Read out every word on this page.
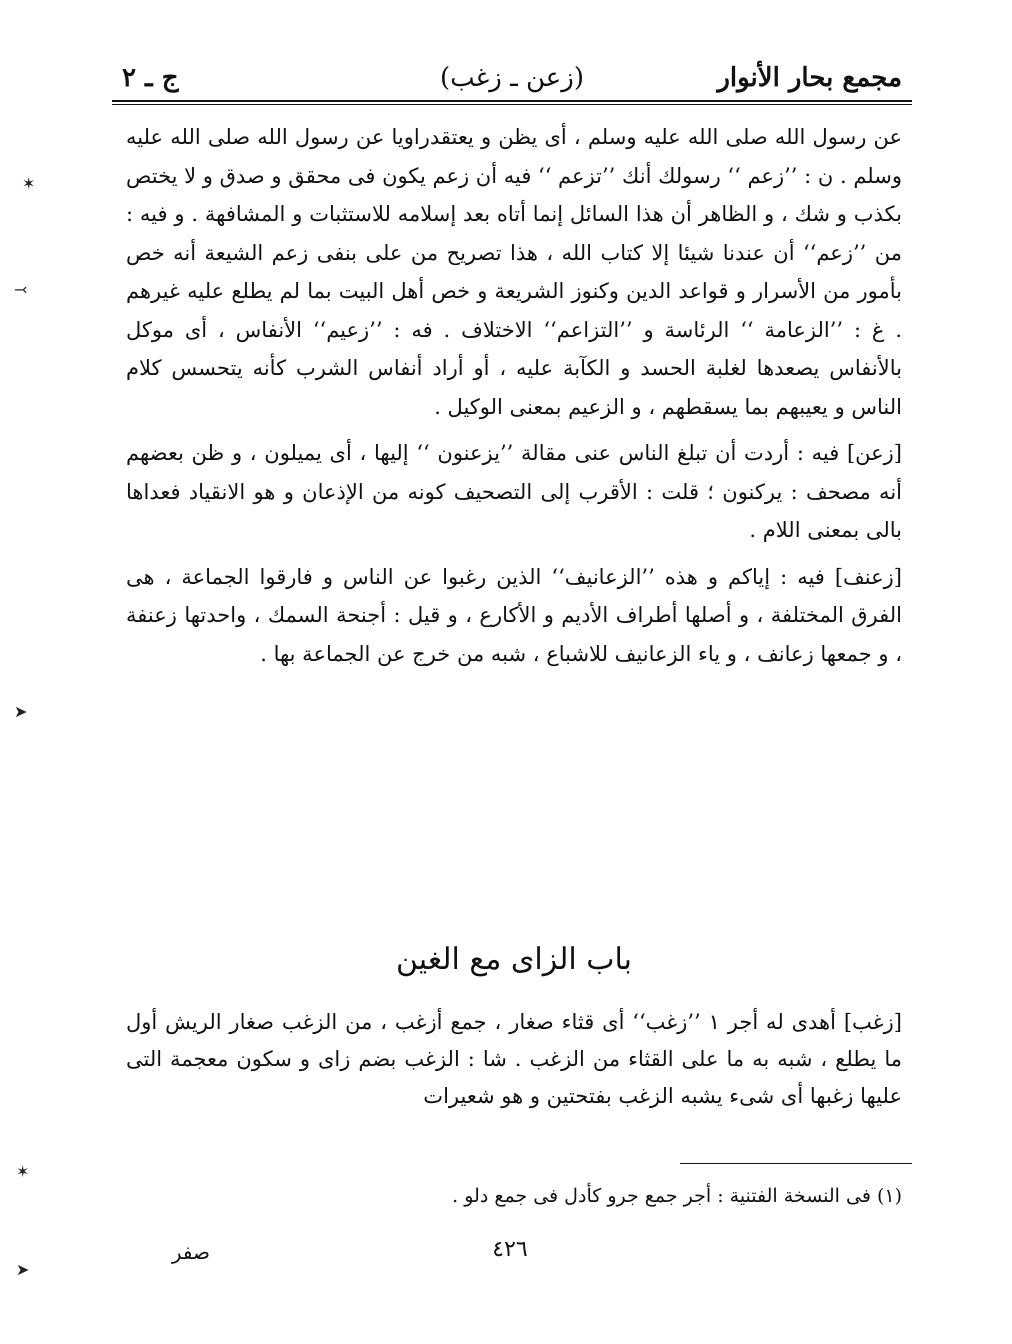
مجمع بحار الأنوار
(زعن ـ زغب)
ج ـ ٢

عن رسول الله صلى الله عليه وسلم ، أى يظن و يعتقدراويا عن رسول الله صلى الله عليه وسلم . ن : ’’زعم ‘‘ رسولك أنك ’’تزعم ‘‘ فيه أن زعم يكون فى محقق و صدق و لا يختص بكذب و شك ، و الظاهر أن هذا السائل إنما أتاه بعد إسلامه للاستثبات و المشافهة . و فيه : من ’’زعم‘‘ أن عندنا شيئا إلا كتاب الله ، هذا تصريح من على بنفى زعم الشيعة أنه خص بأمور من الأسرار و قواعد الدين وكنوز الشريعة و خص أهل البيت بما لم يطلع عليه غيرهم . غ : ’’الزعامة ‘‘ الرئاسة و ’’التزاعم‘‘ الاختلاف . فه : ’’زعيم‘‘ الأنفاس ، أى موكل بالأنفاس يصعدها لغلبة الحسد و الكآبة عليه ، أو أراد أنفاس الشرب كأنه يتحسس كلام الناس و يعيبهم بما يسقطهم ، و الزعيم بمعنى الوكيل .

[زعن] فيه : أردت أن تبلغ الناس عنى مقالة ’’يزعنون ‘‘ إليها ، أى يميلون ، و ظن بعضهم أنه مصحف : يركنون ؛ قلت : الأقرب إلى التصحيف كونه من الإذعان و هو الانقياد فعداها بالى بمعنى اللام .

[زعنف] فيه : إياكم و هذه ’’الزعانيف‘‘ الذين رغبوا عن الناس و فارقوا الجماعة ، هى الفرق المختلفة ، و أصلها أطراف الأديم و الأكارع ، و قيل : أجنحة السمك ، واحدتها زعنفة ، و جمعها زعانف ، و ياء الزعانيف للاشباع ، شبه من خرج عن الجماعة بها .

باب الزاى مع الغين

[زغب] أهدى له أجر ١ ’’زغب‘‘ أى قثاء صغار ، جمع أزغب ، من الزغب صغار الريش أول ما يطلع ، شبه به ما على القثاء من الزغب . شا : الزغب بضم زاى و سكون معجمة التى عليها زغبها أى شىء يشبه الزغب بفتحتين و هو شعيرات

(١) فى النسخة الفتنية : أجر جمع جرو كأدل فى جمع دلو .
٤٢٦
صفر
✶
⤙
➤
✶
➤
